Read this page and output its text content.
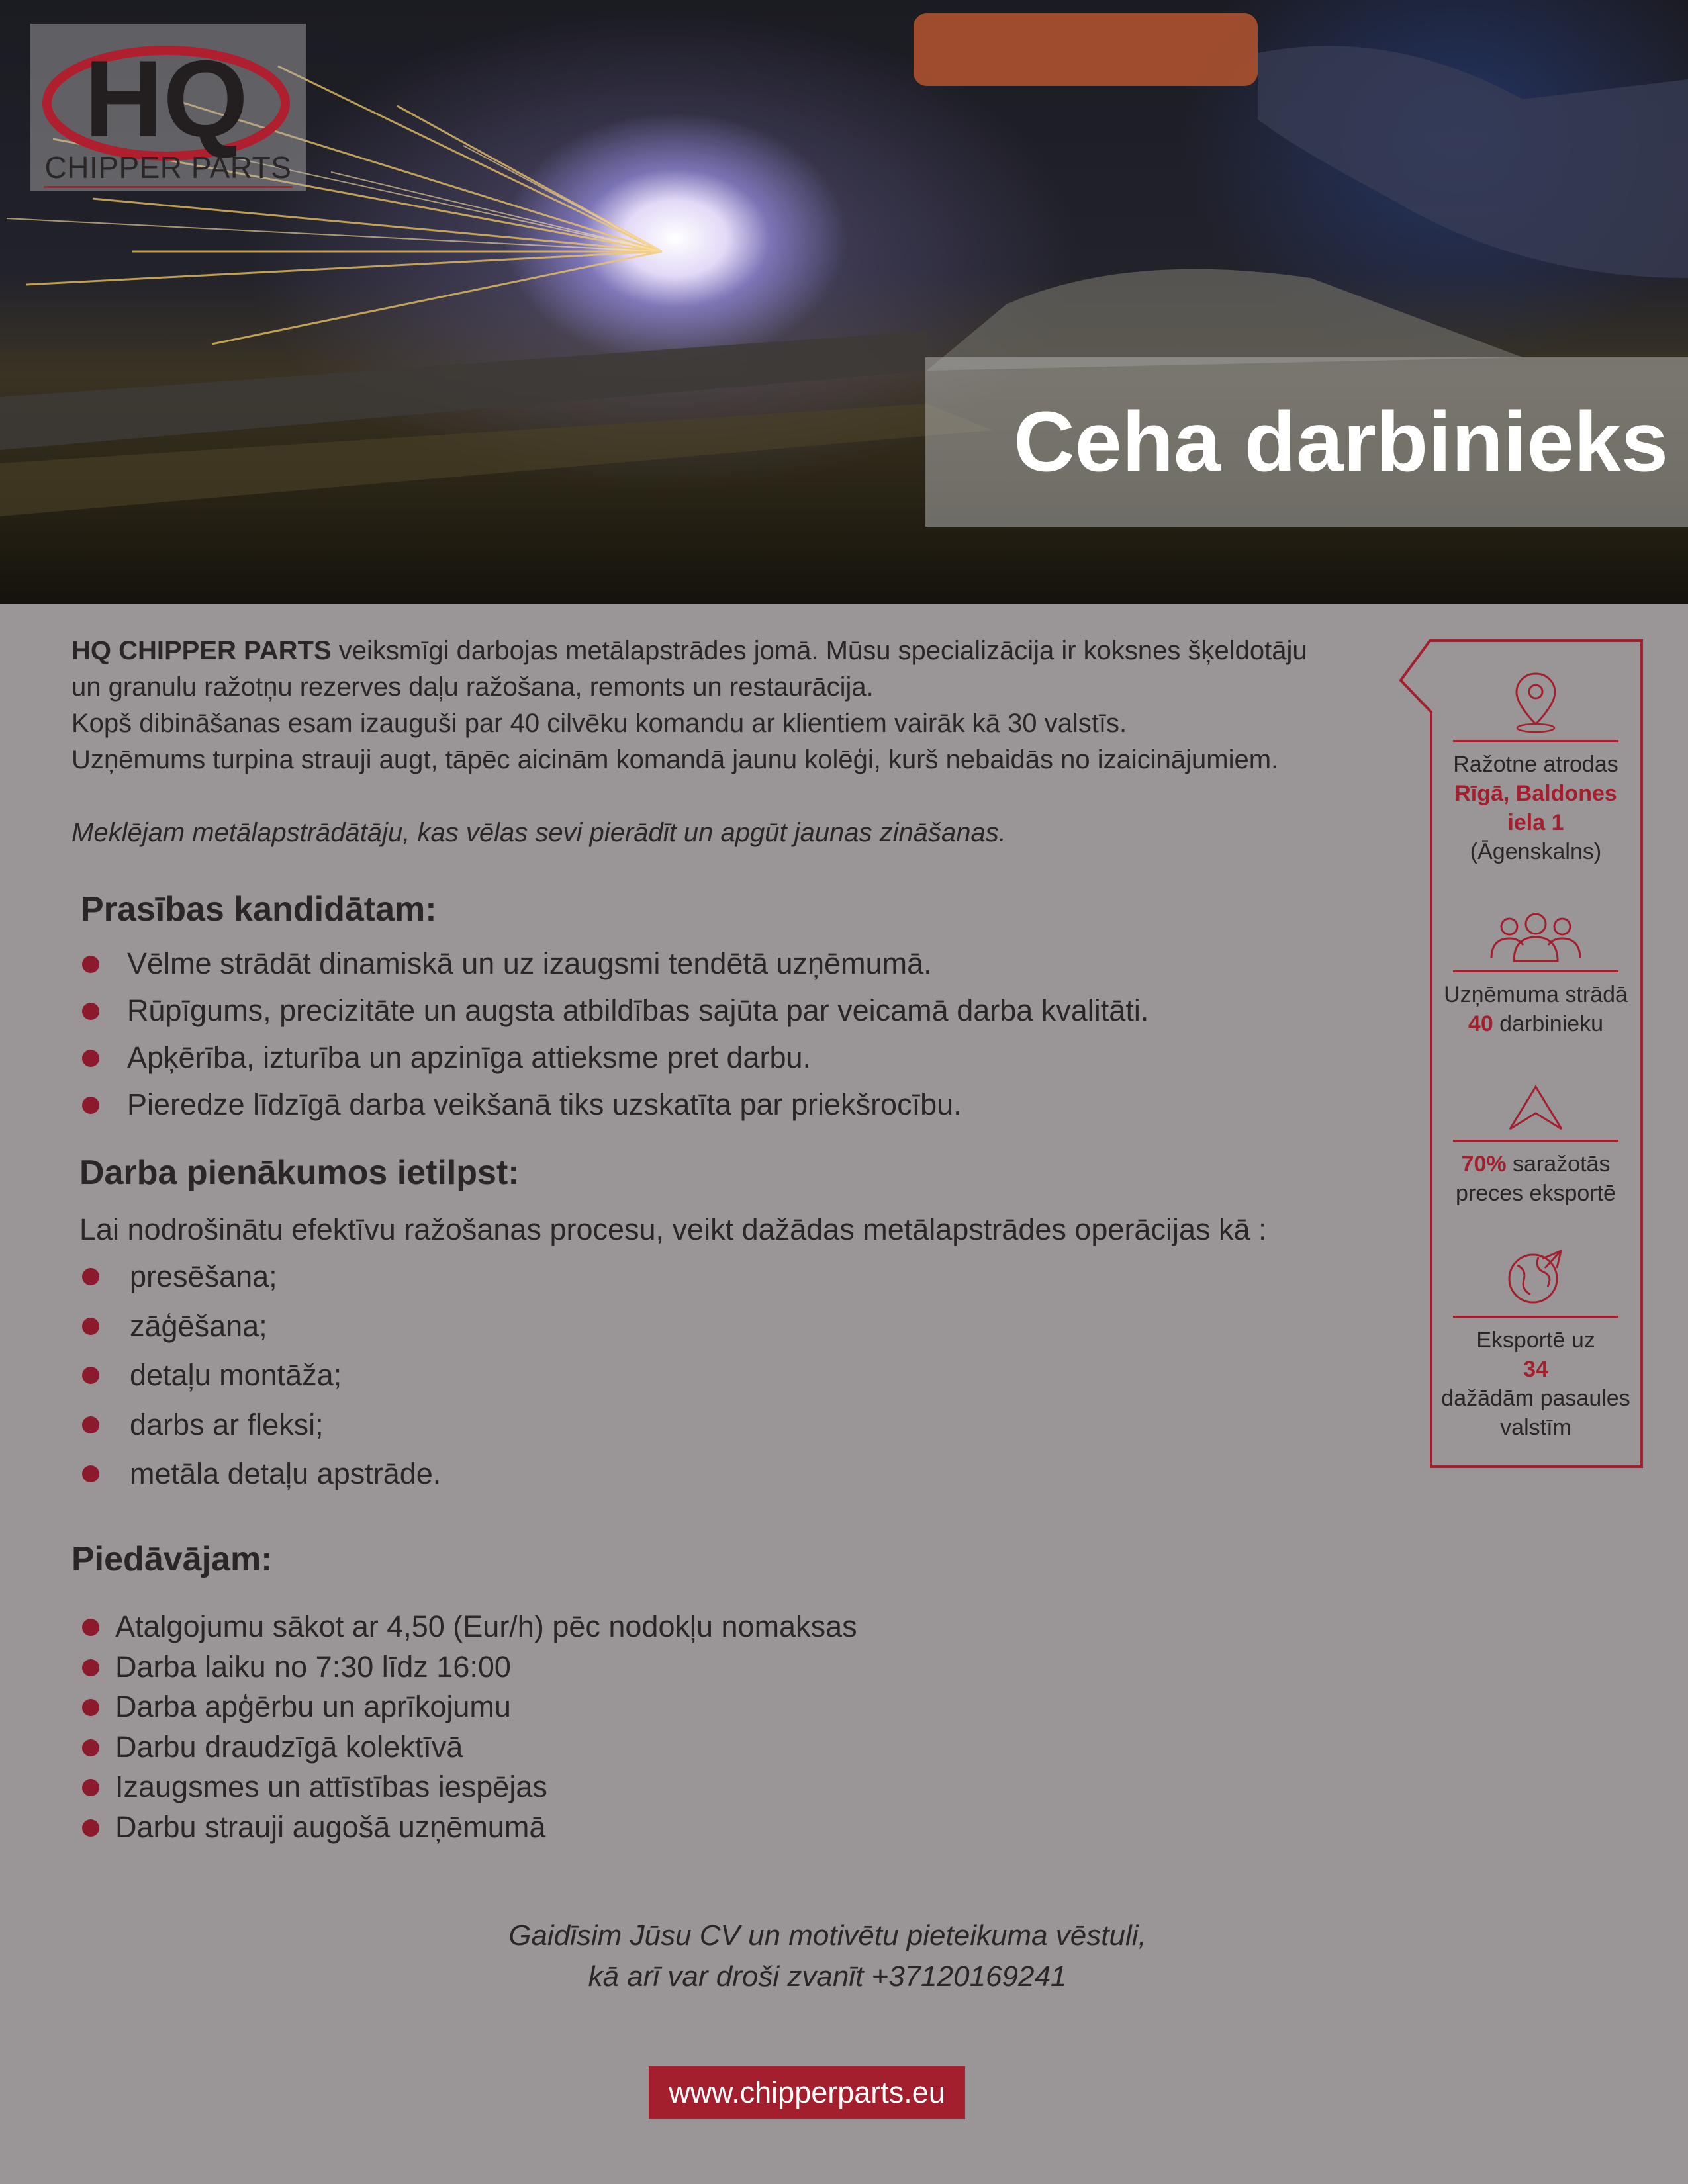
HQ
CHIPPER PARTS
Ceha darbinieks

HQ CHIPPER PARTS veiksmīgi darbojas metālapstrādes jomā. Mūsu specializācija ir koksnes šķeldotāju

un granulu ražotņu rezerves daļu ražošana, remonts un restaurācija.

Kopš dibināšanas esam izauguši par 40 cilvēku komandu ar klientiem vairāk kā 30 valstīs.

Uzņēmums turpina strauji augt, tāpēc aicinām komandā jaunu kolēģi, kurš nebaidās no izaicinājumiem.

Meklējam metālapstrādātāju, kas vēlas sevi pierādīt un apgūt jaunas zināšanas.

Prasības kandidātam:
Vēlme strādāt dinamiskā un uz izaugsmi tendētā uzņēmumā.
Rūpīgums, precizitāte un augsta atbildības sajūta par veicamā darba kvalitāti.
Apķērība, izturība un apzinīga attieksme pret darbu.
Pieredze līdzīgā darba veikšanā tiks uzskatīta par priekšrocību.
Darba pienākumos ietilpst:

Lai nodrošinātu efektīvu ražošanas procesu, veikt dažādas metālapstrādes operācijas kā :

presēšana;
zāģēšana;
detaļu montāža;
darbs ar fleksi;
metāla detaļu apstrāde.
Piedāvājam:
Atalgojumu sākot ar 4,50 (Eur/h) pēc nodokļu nomaksas
Darba laiku no 7:30 līdz 16:00
Darba apģērbu un aprīkojumu
Darbu draudzīgā kolektīvā
Izaugsmes un attīstības iespējas
Darbu strauji augošā uzņēmumā

Gaidīsim Jūsu CV un motivētu pieteikuma vēstuli,

kā arī var droši zvanīt +37120169241

www.chipperparts.eu

Ražotne atrodas

Rīgā, Baldones iela 1

(Āgenskalns)

Uzņēmuma strādā

40 darbinieku

70% saražotās

preces eksportē

Eksportē uz

34

dažādām pasaules

valstīm
